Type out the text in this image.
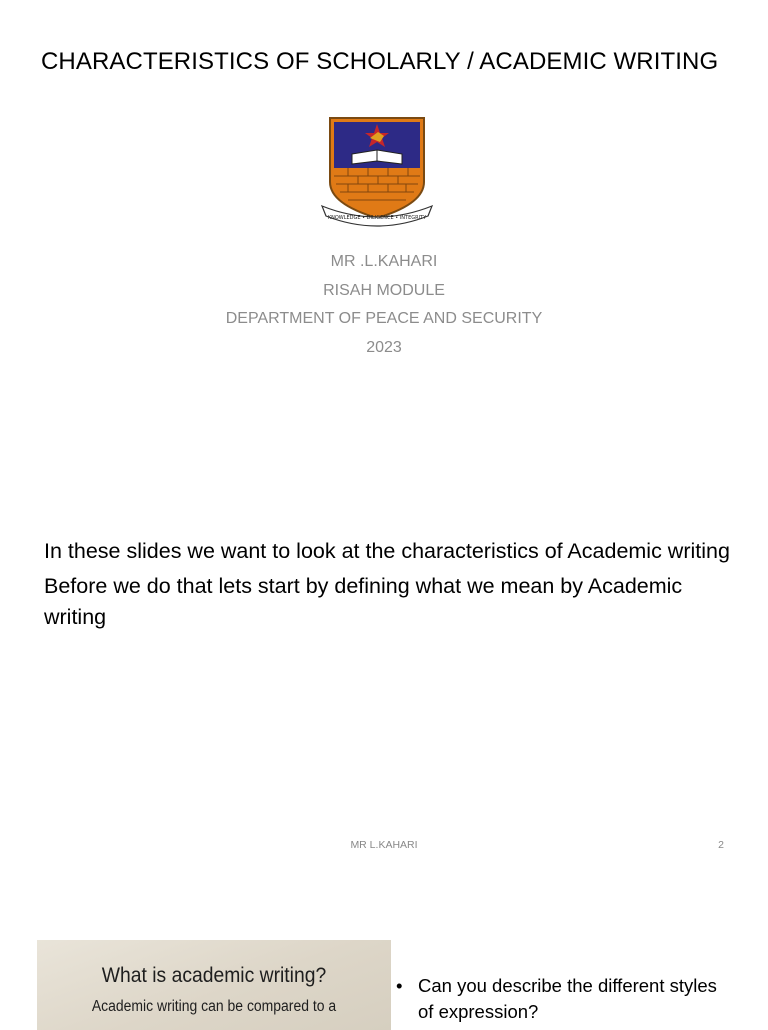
CHARACTERISTICS OF SCHOLARLY / ACADEMIC WRITING
KNOWLEDGE • DILIGENCE • INTEGRITY
MR .L.KAHARI
RISAH MODULE
DEPARTMENT OF PEACE AND SECURITY
2023

In these slides we want to look at the characteristics of Academic writing

Before we do that lets start by defining what we mean by Academic writing

MR L.KAHARI	2
What is academic writing?
Academic writing can be compared to a
• Can you describe the different styles of expression?
